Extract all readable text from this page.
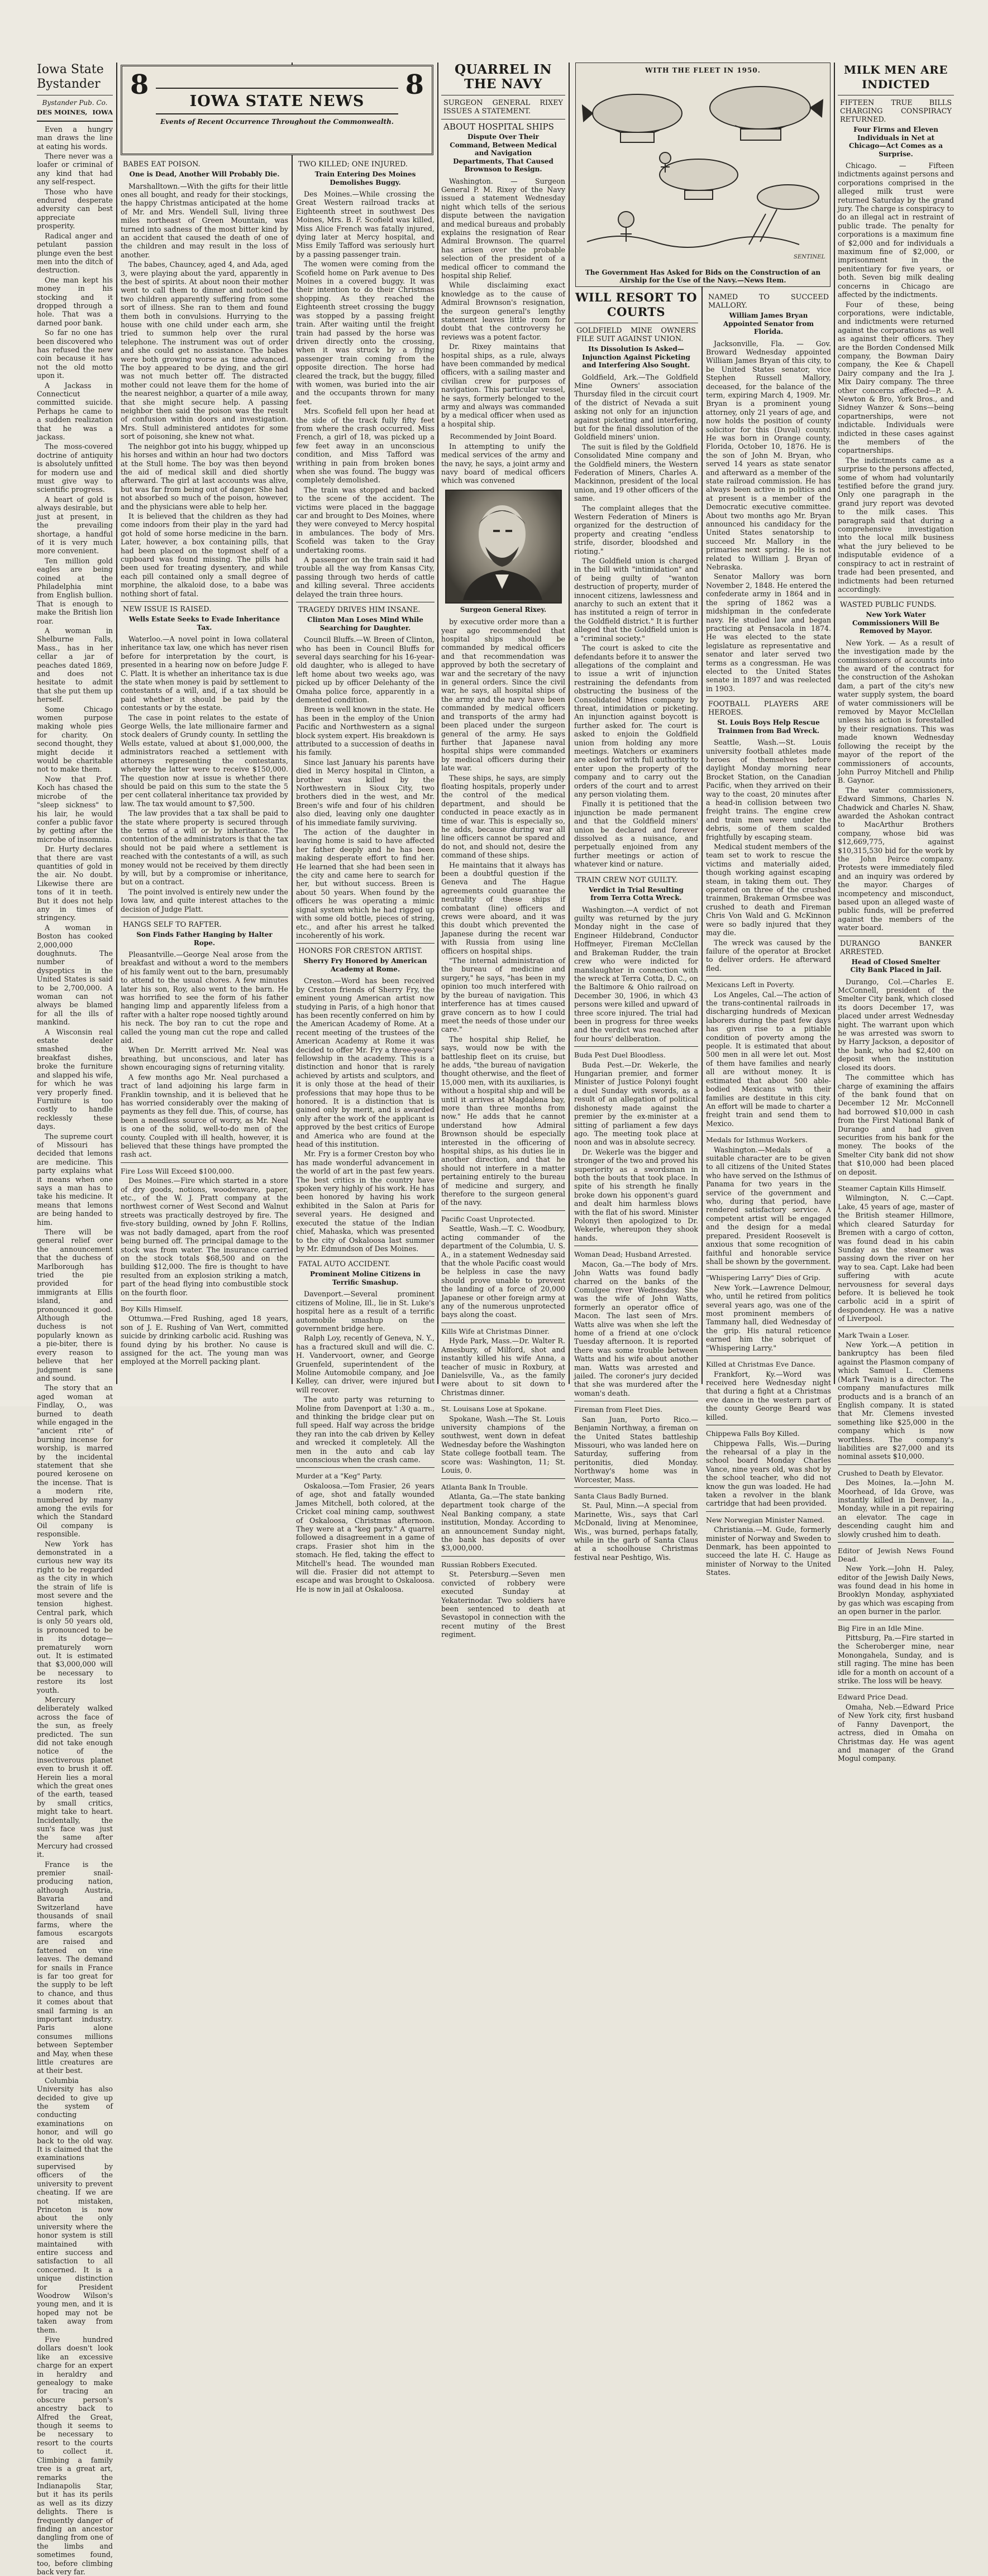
Iowa State Bystander
Bystander Pub. Co.
DES MOINES, IOWA

Even a hungry man draws the line at eating his words.

There never was a loafer or criminal of any kind that had any self-respect.

Those who have endured desperate adversity can best appreciate prosperity.

Radical anger and petulant passion plunge even the best men into the ditch of destruction.

One man kept his money in his stocking and it dropped through a hole. That was a darned poor bank.

So far no one has been discovered who has refused the new coin because it has not the old motto upon it.

A Jackass in Connecticut committed suicide. Perhaps he came to a sudden realization that he was a jackass.

The moss-covered doctrine of antiquity is absolutely unfitted for modern use and must give way to scientific progress.

A heart of gold is always desirable, but just at present, in the prevailing shortage, a handful of it is very much more convenient.

Ten million gold eagles are being coined at the Philadelphia mint from English bullion. That is enough to make the British lion roar.

A woman in Shelburne Falls, Mass., has in her cellar a jar of peaches dated 1869, and does not hesitate to admit that she put them up herself.

Some Chicago women purpose making whole pies for charity. On second thought, they might decide it would be charitable not to make them.

Now that Prof. Koch has chased the microbe of the "sleep sickness" to his lair, he would confer a public favor by getting after the microbe of insomnia.

Dr. Hurty declares that there are vast quantities of gold in the air. No doubt. Likewise there are tons of it in teeth. But it does not help any in times of stringency.

A woman in Boston has cooked 2,000,000 doughnuts. The number of dyspeptics in the United States is said to be 2,700,000. A woman can not always be blamed for all the ills of mankind.

A Wisconsin real estate dealer smashed the breakfast dishes, broke the furniture and slapped his wife, for which he was very properly fined. Furniture is too costly to handle recklessly these days.

The supreme court of Missouri has decided that lemons are medicine. This party explains what it means when one says a man has to take his medicine. It means that lemons are being handed to him.

There will be general relief over the announcement that the duchess of Marlborough has tried the pie provided for immigrants at Ellis island, and pronounced it good. Although the duchess is not popularly known as a pie-biter, there is every reason to believe that her judgment is sane and sound.

The story that an aged woman at Findlay, O., was burned to death while engaged in the "ancient rite" of burning incense for worship, is marred by the incidental statement that she poured kerosene on the incense. That is a modern rite, numbered by many among the evils for which the Standard Oil company is responsible.

New York has demonstrated in a curious new way its right to be regarded as the city in which the strain of life is most severe and the tension highest. Central park, which is only 50 years old, is pronounced to be in its dotage—prematurely worn out. It is estimated that $3,000,000 will be necessary to restore its lost youth.

Mercury deliberately walked across the face of the sun, as freely predicted. The sun did not take enough notice of the insectiverous planet even to brush it off. Herein lies a moral which the great ones of the earth, teased by small critics, might take to heart. Incidentally, the sun's face was just the same after Mercury had crossed it.

France is the premier snail-producing nation, although Austria, Bavaria and Switzerland have thousands of snail farms, where the famous escargots are raised and fattened on vine leaves. The demand for snails in France is far too great for the supply to be left to chance, and thus it comes about that snail farming is an important industry. Paris alone consumes millions between September and May, when these little creatures are at their best.

Columbia University has also decided to give up the system of conducting examinations on honor, and will go back to the old way. It is claimed that the examinations supervised by officers of the university to prevent cheating. If we are not mistaken, Princeton is now about the only university where the honor system is still maintained with entire success and satisfaction to all concerned. It is a unique distinction for President Woodrow Wilson's young men, and it is hoped may not be taken away from them.

Five hundred dollars doesn't look like an excessive charge for an expert in heraldry and genealogy to make for tracing an obscure person's ancestry back to Alfred the Great, though it seems to be necessary to resort to the courts to collect it. Climbing a family tree is a great art, remarks the Indianapolis Star, but it has its perils as well as its dizzy delights. There is frequently danger of finding an ancestor dangling from one of the limbs and sometimes found, too, before climbing back very far.

8	8
IOWA STATE NEWS
Events of Recent Occurrence Throughout the Commonwealth.
BABES EAT POISON.
One is Dead, Another Will Probably Die.

Marshalltown.—With the gifts for their little ones all bought, and ready for their stockings, the happy Christmas anticipated at the home of Mr. and Mrs. Wendell Sull, living three miles northeast of Green Mountain, was turned into sadness of the most bitter kind by an accident that caused the death of one of the children and may result in the loss of another.

The babes, Chauncey, aged 4, and Ada, aged 3, were playing about the yard, apparently in the best of spirits. At about noon their mother went to call them to dinner and noticed the two children apparently suffering from some sort of illness. She ran to them and found them both in convulsions. Hurrying to the house with one child under each arm, she tried to summon help over the rural telephone. The instrument was out of order and she could get no assistance. The babes were both growing worse as time advanced. The boy appeared to be dying, and the girl was not much better off. The distracted mother could not leave them for the home of the nearest neighbor, a quarter of a mile away, that she might secure help. A passing neighbor then said the poison was the result of confusion within doors and investigation. Mrs. Stull administered antidotes for some sort of poisoning, she knew not what.

The neighbor got into his buggy, whipped up his horses and within an hour had two doctors at the Stull home. The boy was then beyond the aid of medical skill and died shortly afterward. The girl at last accounts was alive, but was far from being out of danger. She had not absorbed so much of the poison, however, and the physicians were able to help her.

It is believed that the children as they had come indoors from their play in the yard had got hold of some horse medicine in the barn. Later, however, a box containing pills, that had been placed on the topmost shelf of a cupboard was found missing. The pills had been used for treating dysentery, and while each pill contained only a small degree of morphine, the alkaloid dose, to a babe was nothing short of fatal.

NEW ISSUE IS RAISED.
Wells Estate Seeks to Evade Inheritance Tax.

Waterloo.—A novel point in Iowa collateral inheritance tax law, one which has never risen before for interpretation by the court, is presented in a hearing now on before Judge F. C. Platt. It is whether an inheritance tax is due the state when money is paid by settlement to contestants of a will, and, if a tax should be paid whether it should be paid by the contestants or by the estate.

The case in point relates to the estate of George Wells, the late millionaire farmer and stock dealers of Grundy county. In settling the Wells estate, valued at about $1,000,000, the administrators reached a settlement with attorneys representing the contestants, whereby the latter were to receive $150,000. The question now at issue is whether there should be paid on this sum to the state the 5 per cent collateral inheritance tax provided by law. The tax would amount to $7,500.

The law provides that a tax shall be paid to the state where property is secured through the terms of a will or by inheritance. The contention of the administrators is that the tax should not be paid where a settlement is reached with the contestants of a will, as such money would not be received by them directly by will, but by a compromise or inheritance, but on a contract.

The point involved is entirely new under the Iowa law, and quite interest attaches to the decision of Judge Platt.

HANGS SELF TO RAFTER.
Son Finds Father Hanging by Halter Rope.

Pleasantville.—George Neal arose from the breakfast and without a word to the members of his family went out to the barn, presumably to attend to the usual chores. A few minutes later his son, Roy, also went to the barn. He was horrified to see the form of his father hanging limp and apparently lifeless from a rafter with a halter rope noosed tightly around his neck. The boy ran to cut the rope and called the young man cut the rope and called aid.

When Dr. Merritt arrived Mr. Neal was breathing, but unconscious, and later has shown encouraging signs of returning vitality.

A few months ago Mr. Neal purchased a tract of land adjoining his large farm in Franklin township, and it is believed that he has worried considerably over the making of payments as they fell due. This, of course, has been a needless source of worry, as Mr. Neal is one of the solid, well-to-do men of the county. Coupled with ill health, however, it is believed that these things have prompted the rash act.

Fire Loss Will Exceed $100,000.

Des Moines.—Fire which started in a store of dry goods, notions, woodenware, paper, etc., of the W. J. Pratt company at the northwest corner of West Second and Walnut streets was practically destroyed by fire. The five-story building, owned by John F. Rollins, was not badly damaged, apart from the roof being burned off. The principal damage to the stock was from water. The insurance carried on the stock totals $68,500 and on the building $12,000. The fire is thought to have resulted from an explosion striking a match, part of the head flying into combustible stock on the fourth floor.

Boy Kills Himself.

Ottumwa.—Fred Rushing, aged 18 years, son of J. E. Rushing of Van Wert, committed suicide by drinking carbolic acid. Rushing was found dying by his brother. No cause is assigned for the act. The young man was employed at the Morrell packing plant.

TWO KILLED; ONE INJURED.
Train Entering Des Moines Demolishes Buggy.

Des Moines.—While crossing the Great Western railroad tracks at Eighteenth street in southwest Des Moines, Mrs. B. F. Scofield was killed, Miss Alice French was fatally injured, dying later at Mercy hospital, and Miss Emily Tafford was seriously hurt by a passing passenger train.

The women were coming from the Scofield home on Park avenue to Des Moines in a covered buggy. It was their intention to do their Christmas shopping. As they reached the Eighteenth street crossing the buggy was stopped by a passing freight train. After waiting until the freight train had passed by the horse was driven directly onto the crossing, when it was struck by a flying passenger train coming from the opposite direction. The horse had cleared the track, but the buggy, filled with women, was buried into the air and the occupants thrown for many feet.

Mrs. Scofield fell upon her head at the side of the track fully fifty feet from where the crash occurred. Miss French, a girl of 18, was picked up a few feet away in an unconscious condition, and Miss Tafford was writhing in pain from broken bones when she was found. The buggy was completely demolished.

The train was stopped and backed to the scene of the accident. The victims were placed in the baggage car and brought to Des Moines, where they were conveyed to Mercy hospital in ambulances. The body of Mrs. Scofield was taken to the Gray undertaking rooms.

A passenger on the train said it had trouble all the way from Kansas City, passing through two herds of cattle and killing several. Three accidents delayed the train three hours.

TRAGEDY DRIVES HIM INSANE.
Clinton Man Loses Mind While Searching for Daughter.

Council Bluffs.—W. Breen of Clinton, who has been in Council Bluffs for several days searching for his 16-year-old daughter, who is alleged to have left home about two weeks ago, was picked up by officer Delehanty of the Omaha police force, apparently in a demented condition.

Breen is well known in the state. He has been in the employ of the Union Pacific and Northwestern as a signal block system expert. His breakdown is attributed to a succession of deaths in his family.

Since last January his parents have died in Mercy hospital in Clinton, a brother was killed by the Northwestern in Sioux City, two brothers died in the west, and Mr. Breen's wife and four of his children also died, leaving only one daughter of his immediate family surviving.

The action of the daughter in leaving home is said to have affected her father deeply and he has been making desperate effort to find her. He learned that she had been seen in the city and came here to search for her, but without success. Breen is about 50 years. When found by the officers he was operating a mimic signal system which he had rigged up with some old bottle, pieces of string, etc., and after his arrest he talked incoherently of his work.

HONORS FOR CRESTON ARTIST.
Sherry Fry Honored by American Academy at Rome.

Creston.—Word has been received by Creston friends of Sherry Fry, the eminent young American artist now studying in Paris, of a high honor that has been recently conferred on him by the American Academy of Rome. At a recent meeting of the trustees of the American Academy at Rome it was decided to offer Mr. Fry a three-years' fellowship in the academy. This is a distinction and honor that is rarely achieved by artists and sculptors, and it is only those at the head of their professions that may hope thus to be honored. It is a distinction that is gained only by merit, and is awarded only after the work of the applicant is approved by the best critics of Europe and America who are found at the head of this institution.

Mr. Fry is a former Creston boy who has made wonderful advancement in the world of art in the past few years. The best critics in the country have spoken very highly of his work. He has been honored by having his work exhibited in the Salon at Paris for several years. He designed and executed the statue of the Indian chief, Mahaska, which was presented to the city of Oskaloosa last summer by Mr. Edmundson of Des Moines.

FATAL AUTO ACCIDENT.
Prominent Moline Citizens in Terrific Smashup.

Davenport.—Several prominent citizens of Moline, Ill., lie in St. Luke's hospital here as a result of a terrific automobile smashup on the government bridge here.

Ralph Loy, recently of Geneva, N. Y., has a fractured skull and will die. C. H. Vandervoort, owner, and George Gruenfeld, superintendent of the Moline Automobile company, and Joe Kelley, can driver, were injured but will recover.

The auto party was returning to Moline from Davenport at 1:30 a. m., and thinking the bridge clear put on full speed. Half way across the bridge they ran into the cab driven by Kelley and wrecked it completely. All the men in the auto and cab lay unconscious when the crash came.

Murder at a "Keg" Party.

Oskaloosa.—Tom Frasier, 26 years of age, shot and fatally wounded James Mitchell, both colored, at the Cricket coal mining camp, southwest of Oskaloosa, Christmas afternoon. They were at a "keg party." A quarrel followed a disagreement in a game of craps. Frasier shot him in the stomach. He fled, taking the effect to Mitchell's head. The wounded man will die. Frasier did not attempt to escape and was brought to Oskaloosa. He is now in jail at Oskaloosa.

QUARREL IN THE NAVY
SURGEON GENERAL RIXEY ISSUES A STATEMENT.
ABOUT HOSPITAL SHIPS
Dispute Over Their Command, Between Medical and Navigation Departments, That Caused Brownson to Resign.

Washington. — Surgeon General P. M. Rixey of the Navy issued a statement Wednesday night which tells of the serious dispute between the navigation and medical bureaus and probably explains the resignation of Rear Admiral Brownson. The quarrel has arisen over the probable selection of the president of a medical officer to command the hospital ship Relief.

While disclaiming exact knowledge as to the cause of Admiral Brownson's resignation, the surgeon general's lengthy statement leaves little room for doubt that the controversy he reviews was a potent factor.

Dr. Rixey maintains that hospital ships, as a rule, always have been commanded by medical officers, with a sailing master and civilian crew for purposes of navigation. This particular vessel, he says, formerly belonged to the army and always was commanded by a medical officer when used as a hospital ship.

Recommended by Joint Board.

In attempting to unify the medical services of the army and the navy, he says, a joint army and navy board of medical officers which was convened

Surgeon General Rixey.

by executive order more than a year ago recommended that hospital ships should be commanded by medical officers and that recommendation was approved by both the secretary of war and the secretary of the navy in general orders. Since the civil war, he says, all hospital ships of the army and the navy have been commanded by medical officers and transports of the army had been placed under the surgeon general of the army. He says further that Japanese naval hospital ships were commanded by medical officers during their late war.

These ships, he says, are simply floating hospitals, properly under the control of the medical department, and should be conducted in peace exactly as in time of war. This is especially so, he adds, because during war all line officers cannot be spared and do not, and should not, desire the command of these ships.

He maintains that it always has been a doubtful question if the Geneva and The Hague agreements could guarantee the neutrality of these ships if combatant (line) officers and crews were aboard, and it was this doubt which prevented the Japanese during the recent war with Russia from using line officers on hospital ships.

"The internal administration of the bureau of medicine and surgery," he says, "has been in my opinion too much interfered with by the bureau of navigation. This interference has at times caused grave concern as to how I could meet the needs of those under our care."

The hospital ship Relief, he says, would now be with the battleship fleet on its cruise, but he adds, "the bureau of navigation thought otherwise, and the fleet of 15,000 men, with its auxiliaries, is without a hospital ship and will be until it arrives at Magdalena bay, more than three months from now." He adds that he cannot understand how Admiral Brownson should be especially interested in the officering of hospital ships, as his duties lie in another direction, and that he should not interfere in a matter pertaining entirely to the bureau of medicine and surgery, and therefore to the surgeon general of the navy.

Pacific Coast Unprotected.

Seattle, Wash.—T. C. Woodbury, acting commander of the department of the Columbia, U. S. A., in a statement Wednesday said that the whole Pacific coast would be helpless in case the navy should prove unable to prevent the landing of a force of 20,000 Japanese or other foreign army at any of the numerous unprotected bays along the coast.

Kills Wife at Christmas Dinner.

Hyde Park, Mass.—Dr. Walter R. Amesbury, of Milford, shot and instantly killed his wife Anna, a teacher of music in Roxbury, at Danielsville, Va., as the family were about to sit down to Christmas dinner.

St. Louisans Lose at Spokane.

Spokane, Wash.—The St. Louis university champions of the southwest, went down in defeat Wednesday before the Washington State college football team. The score was: Washington, 11; St. Louis, 0.

Atlanta Bank In Trouble.

Atlanta, Ga.—The state banking department took charge of the Neal Banking company, a state institution, Monday. According to an announcement Sunday night, the bank has deposits of over $3,000,000.

Russian Robbers Executed.

St. Petersburg.—Seven men convicted of robbery were executed Sunday at Yekaterinodar. Two soldiers have been sentenced to death at Sevastopol in connection with the recent mutiny of the Brest regiment.

WITH THE FLEET IN 1950.
SENTINEL
The Government Has Asked for Bids on the Construction of an Airship for the Use of the Navy.—News Item.
WILL RESORT TO COURTS
GOLDFIELD MINE OWNERS FILE SUIT AGAINST UNION.
Its Dissolution Is Asked—Injunction Against Picketing and Interfering Also Sought.

Goldfield, Ark.—The Goldfield Mine Owners' association Thursday filed in the circuit court of the district of Nevada a suit asking not only for an injunction against picketing and interfering, but for the final dissolution of the Goldfield miners' union.

The suit is filed by the Goldfield Consolidated Mine company and the Goldfield miners, the Western Federation of Miners, Charles A. Mackinnon, president of the local union, and 19 other officers of the same.

The complaint alleges that the Western Federation of Miners is organized for the destruction of property and creating "endless strife, disorder, bloodshed and rioting."

The Goldfield union is charged in the bill with "intimidation" and of being guilty of "wanton destruction of property, murder of innocent citizens, lawlessness and anarchy to such an extent that it has instituted a reign of terror in the Goldfield district." It is further alleged that the Goldfield union is a "criminal society."

The court is asked to cite the defendants before it to answer the allegations of the complaint and to issue a writ of injunction restraining the defendants from obstructing the business of the Consolidated Mines company by threat, intimidation or picketing. An injunction against boycott is further asked for. The court is asked to enjoin the Goldfield union from holding any more meetings. Watchers or examiners are asked for with full authority to enter upon the property of the company and to carry out the orders of the court and to arrest any person violating them.

Finally it is petitioned that the injunction be made permanent and that the Goldfield miners' union be declared and forever dissolved as a nuisance, and perpetually enjoined from any further meetings or action of whatever kind or nature.

TRAIN CREW NOT GUILTY.
Verdict in Trial Resulting from Terra Cotta Wreck.

Washington.—A verdict of not guilty was returned by the jury Monday night in the case of Engineer Hildebrand, Conductor Hoffmeyer, Fireman McClellan and Brakeman Rudder, the train crew who were indicted for manslaughter in connection with the wreck at Terra Cotta, D. C., on the Baltimore & Ohio railroad on December 30, 1906, in which 43 persons were killed and upward of three score injured. The trial had been in progress for three weeks and the verdict was reached after four hours' deliberation.

Buda Pest Duel Bloodless.

Buda Pest.—Dr. Wekerle, the Hungarian premier, and former Minister of Justice Polonyi fought a duel Sunday with swords, as a result of an allegation of political dishonesty made against the premier by the ex-minister at a sitting of parliament a few days ago. The meeting took place at noon and was in absolute secrecy.

Dr. Wekerle was the bigger and stronger of the two and proved his superiority as a swordsman in both the bouts that took place. In spite of his strength he finally broke down his opponent's guard and dealt him harmless blows with the flat of his sword. Minister Polonyi then apologized to Dr. Wekerle, whereupon they shook hands.

Woman Dead; Husband Arrested.

Macon, Ga.—The body of Mrs. John Watts was found badly charred on the banks of the Comulgee river Wednesday. She was the wife of John Watts, formerly an operator office of Macon. The last seen of Mrs. Watts alive was when she left the home of a friend at one o'clock Tuesday afternoon. It is reported there was some trouble between Watts and his wife about another man. Watts was arrested and jailed. The coroner's jury decided that she was murdered after the woman's death.

Fireman from Fleet Dies.

San Juan, Porto Rico.—Benjamin Northway, a fireman on the United States battleship Missouri, who was landed here on Saturday, suffering from peritonitis, died Monday. Northway's home was in Worcester, Mass.

Santa Claus Badly Burned.

St. Paul, Minn.—A special from Marinette, Wis., says that Carl McDonald, living at Menominee, Wis., was burned, perhaps fatally, while in the garb of Santa Claus at a schoolhouse Christmas festival near Peshtigo, Wis.

NAMED TO SUCCEED MALLORY.
William James Bryan Appointed Senator from Florida.

Jacksonville, Fla. — Gov. Broward Wednesday appointed William James Bryan of this city, to be United States senator, vice Stephen Russell Mallory, deceased, for the balance of the term, expiring March 4, 1909. Mr. Bryan is a prominent young attorney, only 21 years of age, and now holds the position of county solicitor for this (Duval) county. He was born in Orange county, Florida, October 10, 1876. He is the son of John M. Bryan, who served 14 years as state senator and afterward as a member of the state railroad commission. He has always been active in politics and at present is a member of the Democratic executive committee. About two months ago Mr. Bryan announced his candidacy for the United States senatorship to succeed Mr. Mallory in the primaries next spring. He is not related to William J. Bryan of Nebraska.

Senator Mallory was born November 2, 1848. He entered the confederate army in 1864 and in the spring of 1862 was a midshipman in the confederate navy. He studied law and began practicing at Pensacola in 1874. He was elected to the state legislature as representative and senator and later served two terms as a congressman. He was elected to the United States senate in 1897 and was reelected in 1903.

FOOTBALL PLAYERS ARE HEROES.
St. Louis Boys Help Rescue Trainmen from Bad Wreck.

Seattle, Wash.—St. Louis university football athletes made heroes of themselves before daylight Monday morning near Brocket Station, on the Canadian Pacific, when they arrived on their way to the coast, 20 minutes after a head-in collision between two freight trains. The engine crew and train men were under the debris, some of them scalded frightfully by escaping steam.

Medical student members of the team set to work to rescue the victims and materially aided, though working against escaping steam, in taking them out. They operated on three of the crushed trainmen, Brakeman Ormsbee was crushed to death and Fireman Chris Von Wald and G. McKinnon were so badly injured that they may die.

The wreck was caused by the failure of the operator at Brocket to deliver orders. He afterward fled.

Mexicans Left in Poverty.

Los Angeles, Cal.—The action of the trans-continental railroads in discharging hundreds of Mexican laborers during the past few days has given rise to a pitiable condition of poverty among the people. It is estimated that about 500 men in all were let out. Most of them have families and nearly all are without money. It is estimated that about 500 able-bodied Mexicans with their families are destitute in this city. An effort will be made to charter a freight train and send them to Mexico.

Medals for Isthmus Workers.

Washington.—Medals of a suitable character are to be given to all citizens of the United States who have served on the Isthmus of Panama for two years in the service of the government and who, during that period, have rendered satisfactory service. A competent artist will be engaged and the design for a medal prepared. President Roosevelt is anxious that some recognition of faithful and honorable service shall be shown by the government.

"Whispering Larry" Dies of Grip.

New York.—Lawrence Delmour, who, until he retired from politics several years ago, was one of the most prominent members of Tammany hall, died Wednesday of the grip. His natural reticence earned him the sobriquet of "Whispering Larry."

Killed at Christmas Eve Dance.

Frankfort, Ky.—Word was received here Wednesday night that during a fight at a Christmas eve dance in the western part of the county George Beard was killed.

Chippewa Falls Boy Killed.

Chippewa Falls, Wis.—During the rehearsal of a play in the school board Monday Charles Vance, nine years old, was shot by the school teacher, who did not know the gun was loaded. He had taken a revolver in the blank cartridge that had been provided.

New Norwegian Minister Named.

Christiania.—M. Gude, formerly minister of Norway and Sweden to Denmark, has been appointed to succeed the late H. C. Hauge as minister of Norway to the United States.

MILK MEN ARE INDICTED
FIFTEEN TRUE BILLS CHARGING CONSPIRACY RETURNED.
Four Firms and Eleven Individuals in Net at Chicago—Act Comes as a Surprise.

Chicago. — Fifteen indictments against persons and corporations comprised in the alleged milk trust were returned Saturday by the grand jury. The charge is conspiracy to do an illegal act in restraint of public trade. The penalty for corporations is a maximum fine of $2,000 and for individuals a maximum fine of $2,000, or imprisonment in the penitentiary for five years, or both. Seven big milk dealing concerns in Chicago are affected by the indictments.

Four of these, being corporations, were indictable, and indictments were returned against the corporations as well as against their officers. They are the Borden Condensed Milk company, the Bowman Dairy company, the Kee & Chapell Dairy company and the Ira J. Mix Dairy company. The three other concerns affected—P. A. Newton & Bro, York Bros., and Sidney Wanzer & Sons—being copartnerships, were not indictable. Individuals were indicted in these cases against the members of the copartnerships.

The indictments came as a surprise to the persons affected, some of whom had voluntarily testified before the grand jury. Only one paragraph in the grand jury report was devoted to the milk cases. This paragraph said that during a comprehensive investigation into the local milk business what the jury believed to be indisputable evidence of a conspiracy to act in restraint of trade had been presented, and indictments had been returned accordingly.

WASTED PUBLIC FUNDS.
New York Water Commissioners Will Be Removed by Mayor.

New York. — As a result of the investigation made by the commissioners of accounts into the award of the contract for the construction of the Ashokan dam, a part of the city's new water supply system, the board of water commissioners will be removed by Mayor McClellan unless his action is forestalled by their resignations. This was made known Wednesday following the receipt by the mayor of the report of the commissioners of accounts, John Purroy Mitchell and Philip B. Gaynor.

The water commissioners, Edward Simmons, Charles N. Chadwick and Charles N. Shaw, awarded the Ashokan contract to MacArthur Brothers company, whose bid was $12,669,775, against $10,315,530 bid for the work by the John Peirce company. Protests were immediately filed and an inquiry was ordered by the mayor. Charges of incompetency and misconduct, based upon an alleged waste of public funds, will be preferred against the members of the water board.

DURANGO BANKER ARRESTED.
Head of Closed Smelter City Bank Placed in Jail.

Durango, Col.—Charles E. McConnell, president of the Smelter City bank, which closed its doors December 17, was placed under arrest Wednesday night. The warrant upon which he was arrested was sworn to by Harry Jackson, a depositor of the bank, who had $2,400 on deposit when the institution closed its doors.

The committee which has charge of examining the affairs of the bank found that on December 12 Mr. McConnell had borrowed $10,000 in cash from the First National Bank of Durango and had given securities from his bank for the money. The books of the Smelter City bank did not show that $10,000 had been placed on deposit.

Steamer Captain Kills Himself.

Wilmington, N. C.—Capt. Lake, 45 years of age, master of the British steamer Hillmore, which cleared Saturday for Bremen with a cargo of cotton, was found dead in his cabin Sunday as the steamer was passing down the river on her way to sea. Capt. Lake had been suffering with acute nervousness for several days before. It is believed he took carbolic acid in a spirit of despondency. He was a native of Liverpool.

Mark Twain a Loser.

New York.—A petition in bankruptcy has been filed against the Plasmon company of which Samuel L. Clemens (Mark Twain) is a director. The company manufactures milk products and is a branch of an English company. It is stated that Mr. Clemens invested something like $25,000 in the company which is now worthless. The company's liabilities are $27,000 and its nominal assets $10,000.

Crushed to Death by Elevator.

Des Moines, Ia.—John M. Moorhead, of Ida Grove, was instantly killed in Denver, Ia., Monday, while in a pit repairing an elevator. The cage in descending caught him and slowly crushed him to death.

Editor of Jewish News Found Dead.

New York.—John H. Paley, editor of the Jewish Daily News, was found dead in his home in Brooklyn Monday, asphyxiated by gas which was escaping from an open burner in the parlor.

Big Fire in an Idle Mine.

Pittsburg, Pa.—Fire started in the Scheroberger mine, near Monongahela, Sunday, and is still raging. The mine has been idle for a month on account of a strike. The loss will be heavy.

Edward Price Dead.

Omaha, Neb.—Edward Price of New York city, first husband of Fanny Davenport, the actress, died in Omaha on Christmas day. He was agent and manager of the Grand Mogul company.
